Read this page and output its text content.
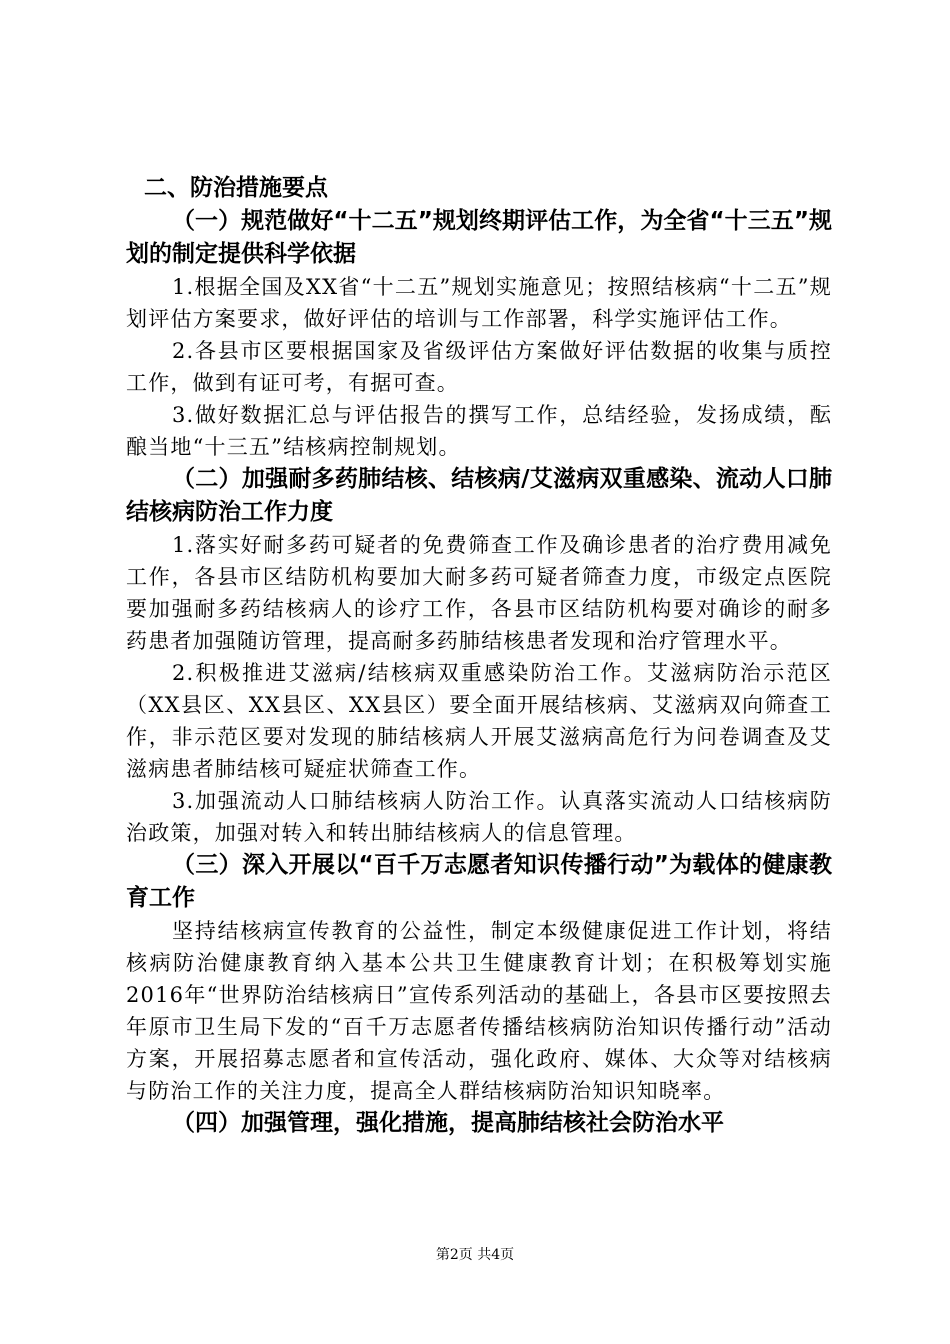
二、防治措施要点
（一）规范做好“十二五”规划终期评估工作，为全省“十三五”规划的制定提供科学依据
1.根据全国及XX省“十二五”规划实施意见；按照结核病“十二五”规划评估方案要求，做好评估的培训与工作部署，科学实施评估工作。
2.各县市区要根据国家及省级评估方案做好评估数据的收集与质控工作，做到有证可考，有据可查。
3.做好数据汇总与评估报告的撰写工作，总结经验，发扬成绩，酝酿当地“十三五”结核病控制规划。
（二）加强耐多药肺结核、结核病/艾滋病双重感染、流动人口肺结核病防治工作力度
1.落实好耐多药可疑者的免费筛查工作及确诊患者的治疗费用减免工作，各县市区结防机构要加大耐多药可疑者筛查力度，市级定点医院要加强耐多药结核病人的诊疗工作，各县市区结防机构要对确诊的耐多药患者加强随访管理，提高耐多药肺结核患者发现和治疗管理水平。
2.积极推进艾滋病/结核病双重感染防治工作。艾滋病防治示范区（XX县区、XX县区、XX县区）要全面开展结核病、艾滋病双向筛查工作，非示范区要对发现的肺结核病人开展艾滋病高危行为问卷调查及艾滋病患者肺结核可疑症状筛查工作。
3.加强流动人口肺结核病人防治工作。认真落实流动人口结核病防治政策，加强对转入和转出肺结核病人的信息管理。
（三）深入开展以“百千万志愿者知识传播行动”为载体的健康教育工作
坚持结核病宣传教育的公益性，制定本级健康促进工作计划，将结核病防治健康教育纳入基本公共卫生健康教育计划；在积极筹划实施2016年“世界防治结核病日”宣传系列活动的基础上，各县市区要按照去年原市卫生局下发的“百千万志愿者传播结核病防治知识传播行动”活动方案，开展招募志愿者和宣传活动，强化政府、媒体、大众等对结核病与防治工作的关注力度，提高全人群结核病防治知识知晓率。
（四）加强管理，强化措施，提高肺结核社会防治水平
第2页 共4页
